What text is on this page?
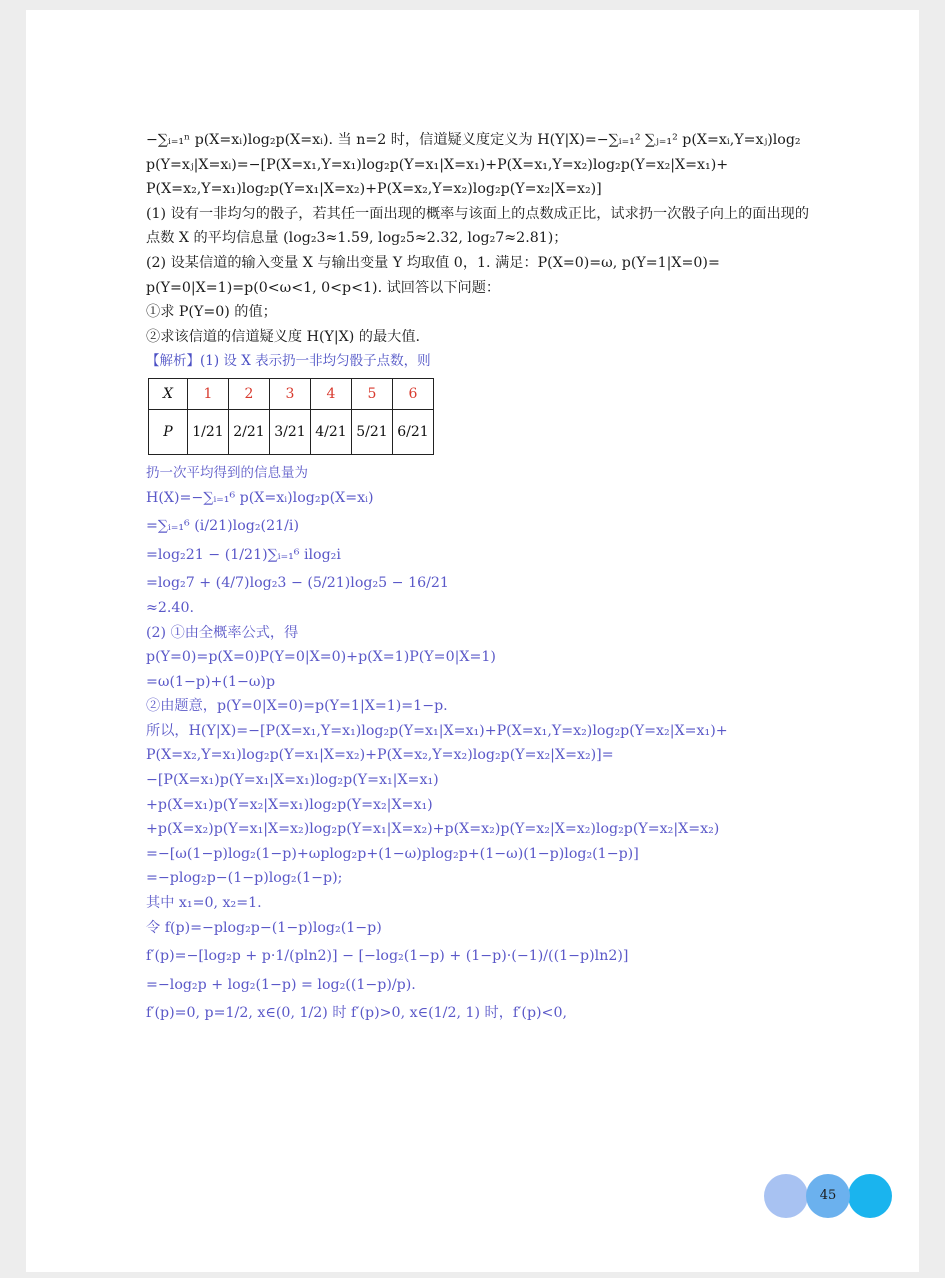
−∑ᵢ₌₁ⁿ p(X=xᵢ)log₂p(X=xᵢ). 当 n=2 时，信道疑义度定义为 H(Y|X)=−∑ᵢ₌₁² ∑ⱼ₌₁² p(X=xᵢ,Y=xⱼ)log₂
p(Y=xⱼ|X=xᵢ)=−[P(X=x₁,Y=x₁)log₂p(Y=x₁|X=x₁)+P(X=x₁,Y=x₂)log₂p(Y=x₂|X=x₁)+
P(X=x₂,Y=x₁)log₂p(Y=x₁|X=x₂)+P(X=x₂,Y=x₂)log₂p(Y=x₂|X=x₂)]
(1) 设有一非均匀的骰子，若其任一面出现的概率与该面上的点数成正比，试求扔一次骰子向上的面出现的
点数 X 的平均信息量 (log₂3≈1.59, log₂5≈2.32, log₂7≈2.81)；
(2) 设某信道的输入变量 X 与输出变量 Y 均取值 0，1. 满足：P(X=0)=ω, p(Y=1|X=0)=
p(Y=0|X=1)=p(0<ω<1, 0<p<1). 试回答以下问题：
①求 P(Y=0) 的值；
②求该信道的信道疑义度 H(Y|X) 的最大值.
【解析】(1) 设 X 表示扔一非均匀骰子点数，则
X	1	2	3	4	5	6
P	1/21	2/21	3/21	4/21	5/21	6/21
扔一次平均得到的信息量为
H(X)=−∑ᵢ₌₁⁶ p(X=xᵢ)log₂p(X=xᵢ)
=∑ᵢ₌₁⁶ (i/21)log₂(21/i)
=log₂21 − (1/21)∑ᵢ₌₁⁶ ilog₂i
=log₂7 + (4/7)log₂3 − (5/21)log₂5 − 16/21
≈2.40.
(2) ①由全概率公式，得
p(Y=0)=p(X=0)P(Y=0|X=0)+p(X=1)P(Y=0|X=1)
=ω(1−p)+(1−ω)p
②由题意，p(Y=0|X=0)=p(Y=1|X=1)=1−p.
所以，H(Y|X)=−[P(X=x₁,Y=x₁)log₂p(Y=x₁|X=x₁)+P(X=x₁,Y=x₂)log₂p(Y=x₂|X=x₁)+
P(X=x₂,Y=x₁)log₂p(Y=x₁|X=x₂)+P(X=x₂,Y=x₂)log₂p(Y=x₂|X=x₂)]=
−[P(X=x₁)p(Y=x₁|X=x₁)log₂p(Y=x₁|X=x₁)
+p(X=x₁)p(Y=x₂|X=x₁)log₂p(Y=x₂|X=x₁)
+p(X=x₂)p(Y=x₁|X=x₂)log₂p(Y=x₁|X=x₂)+p(X=x₂)p(Y=x₂|X=x₂)log₂p(Y=x₂|X=x₂)
=−[ω(1−p)log₂(1−p)+ωplog₂p+(1−ω)plog₂p+(1−ω)(1−p)log₂(1−p)]
=−plog₂p−(1−p)log₂(1−p);
其中 x₁=0, x₂=1.
令 f(p)=−plog₂p−(1−p)log₂(1−p)
f′(p)=−[log₂p + p·1/(pln2)] − [−log₂(1−p) + (1−p)·(−1)/((1−p)ln2)]
=−log₂p + log₂(1−p) = log₂((1−p)/p).
f′(p)=0, p=1/2, x∈(0, 1/2) 时 f′(p)>0, x∈(1/2, 1) 时，f′(p)<0,
45
